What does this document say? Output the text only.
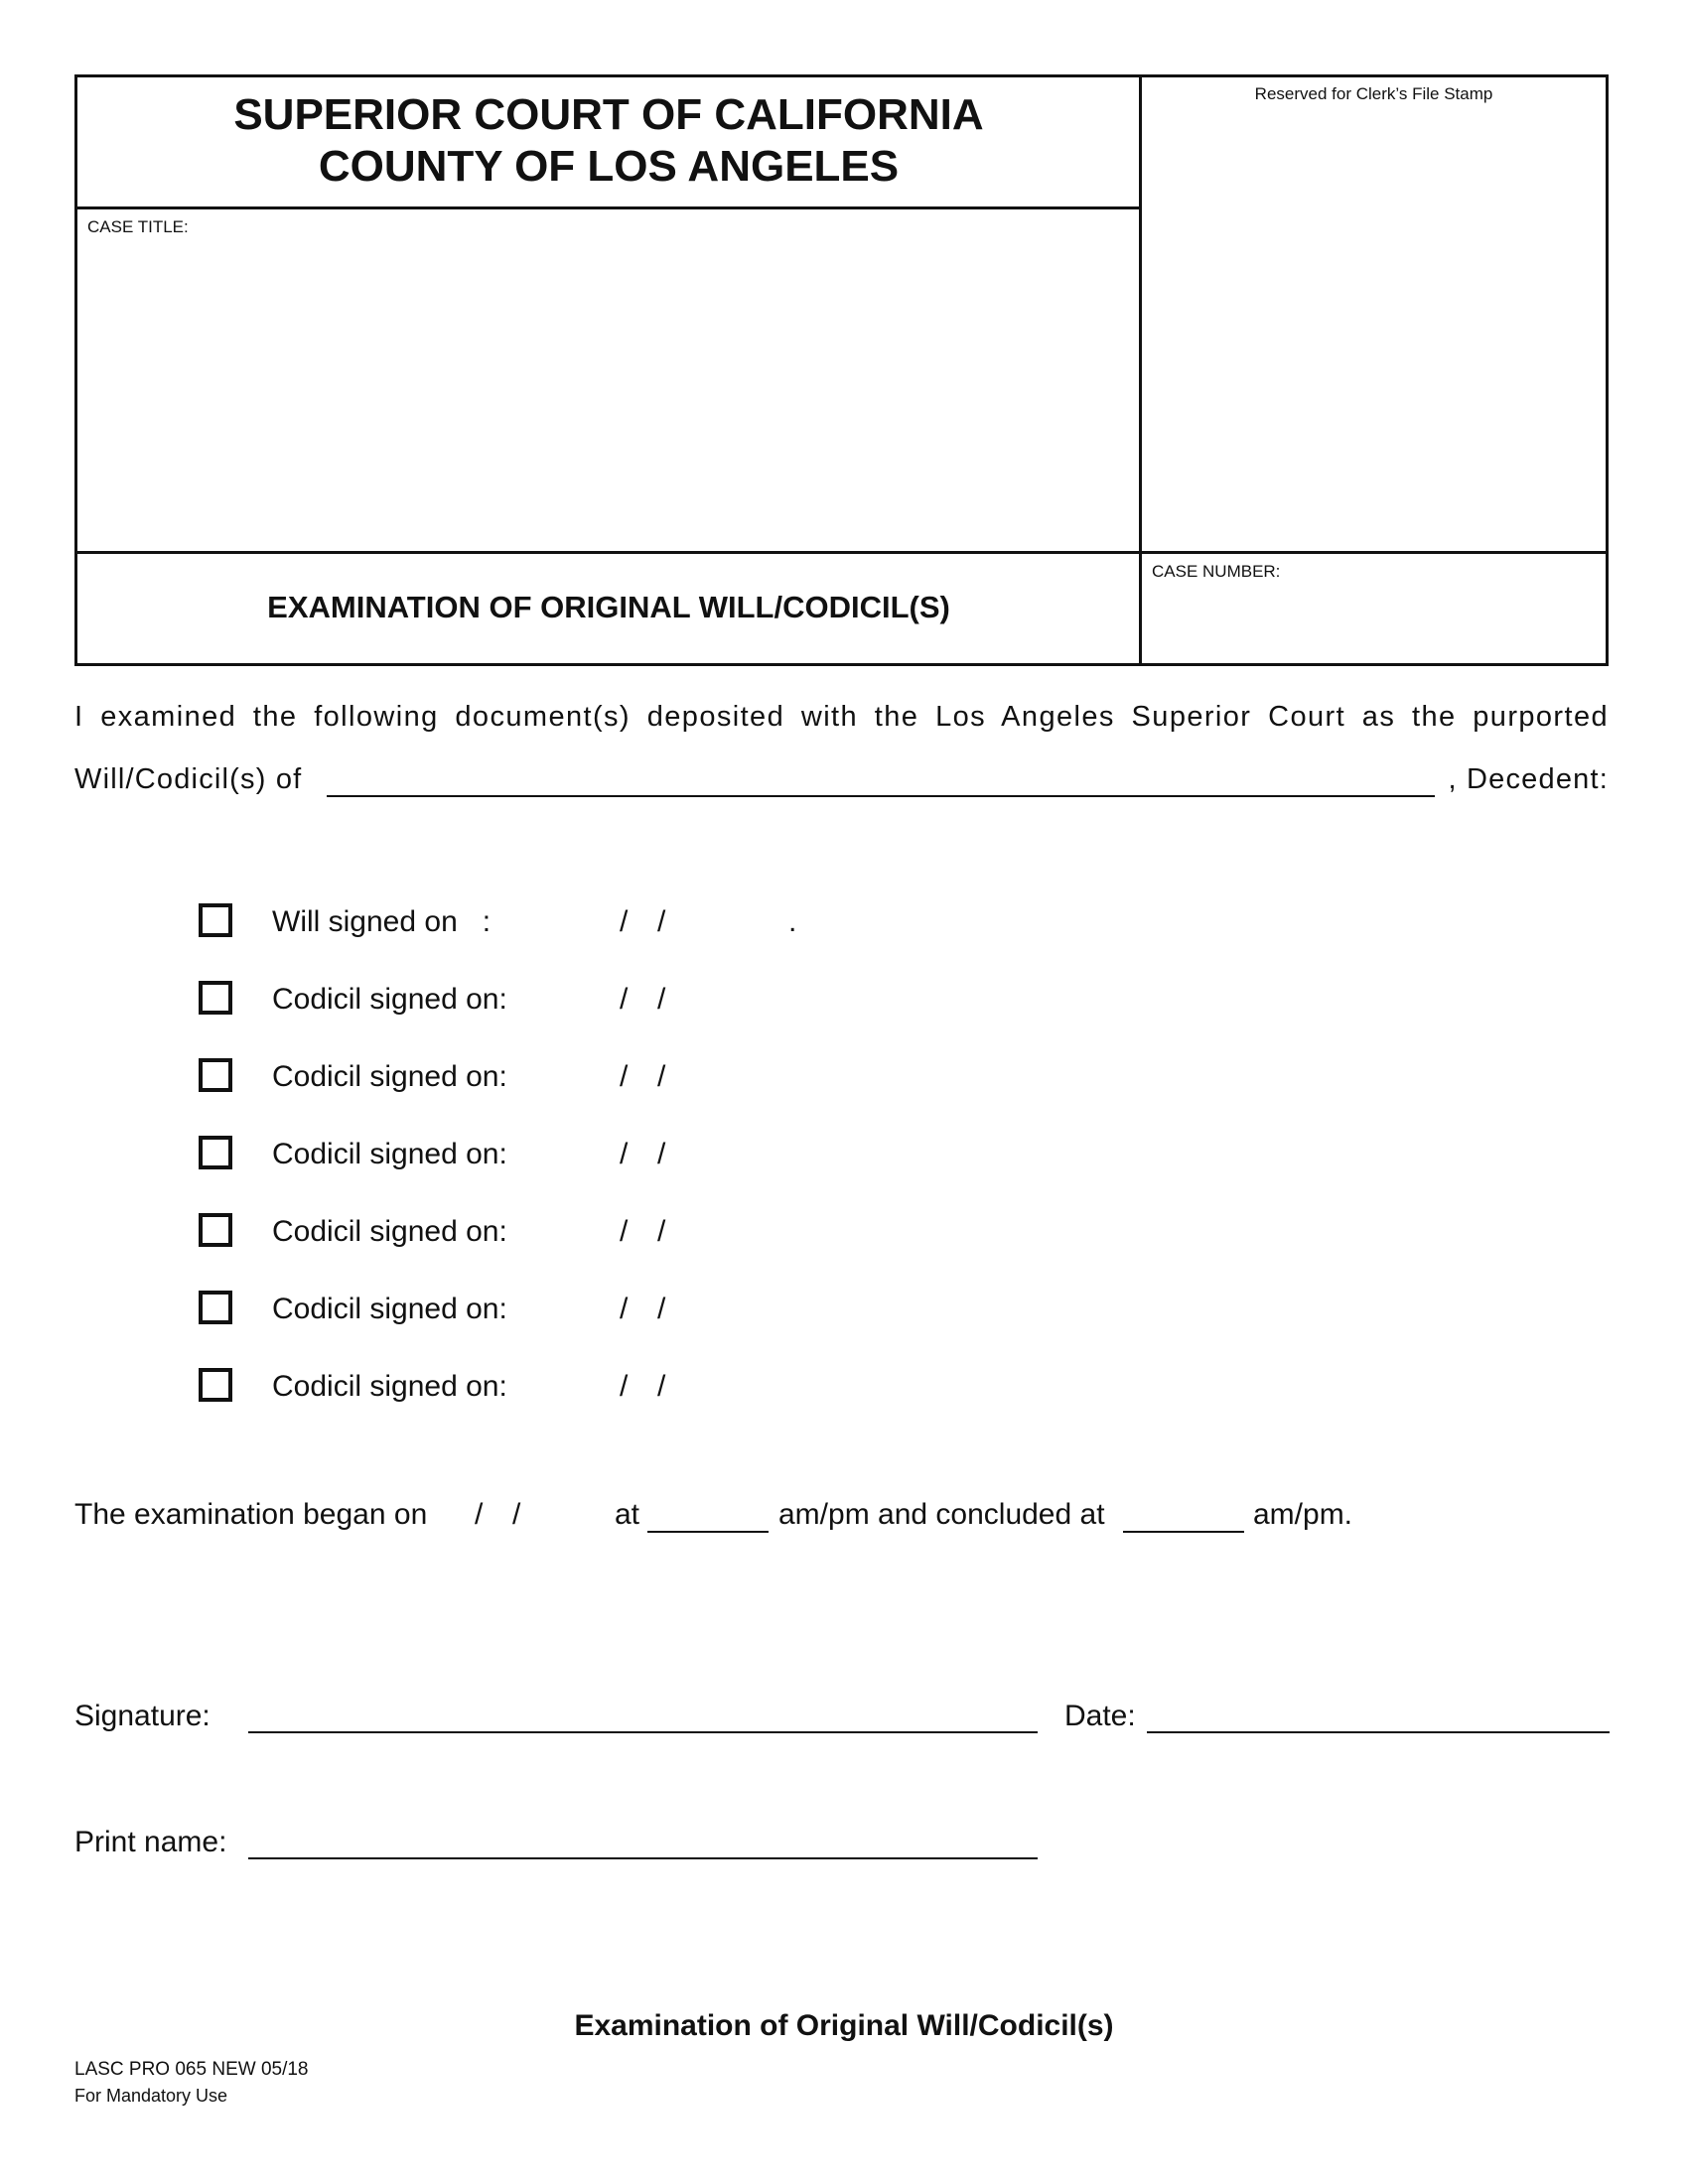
SUPERIOR COURT OF CALIFORNIA
COUNTY OF LOS ANGELES
CASE TITLE:
Reserved for Clerk’s File Stamp
EXAMINATION OF ORIGINAL WILL/CODICIL(S)
CASE NUMBER:
I examined the following document(s) deposited with the Los Angeles Superior Court as the purported
Will/Codicil(s) of	, Decedent:
Will signed on   :	/ /	.
Codicil signed on:	/ /
Codicil signed on:	/ /
Codicil signed on:	/ /
Codicil signed on:	/ /
Codicil signed on:	/ /
Codicil signed on:	/ /
The examination began on / /	at	am/pm and concluded at	am/pm.
Signature:	Date:
Print name:
Examination of Original Will/Codicil(s)
LASC PRO 065 NEW 05/18
For Mandatory Use
